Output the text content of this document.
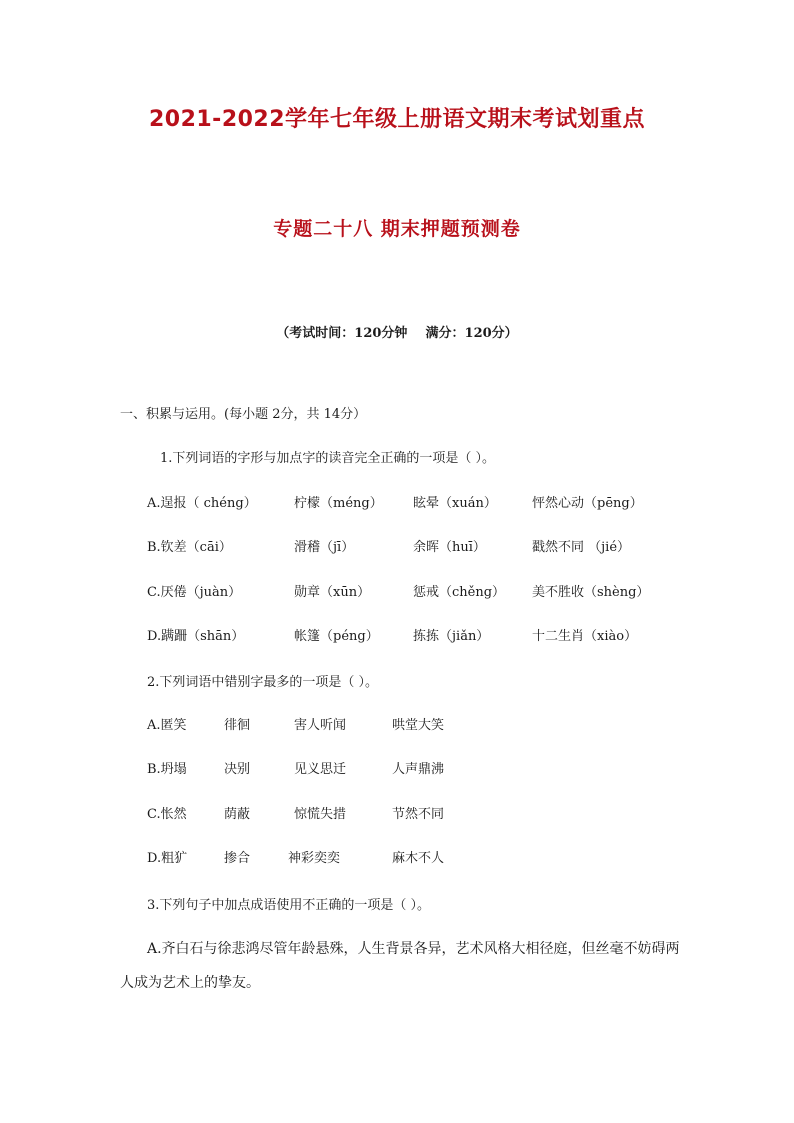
2021-2022学年七年级上册语文期末考试划重点
专题二十八 期末押题预测卷
（考试时间：120分钟    满分：120分）
一、积累与运用。(每小题 2分，共 14分）
1.下列词语的字形与加点字的读音完全正确的一项是（ ）。
A.逞报（ chéng）	柠檬（méng） 眩晕（xuán）	怦然心动（pēng）
B.钦差（cāi）	滑稽（jī）	余晖（huī）	戳然不同 （jié）
C.厌倦（juàn）	勋章（xūn）	惩戒（chěng） 美不胜收（shèng）
D.蹒跚（shān）	帐篷（péng）	拣拣（jiǎn）	十二生肖（xiào）
2.下列词语中错别字最多的一项是（ ）。
A.匿笑	徘徊	害人听闻	哄堂大笑
B.坍塌	决别	见义思迁	人声鼎沸
C.怅然	荫蔽	惊慌失措	节然不同
D.粗犷	掺合	神彩奕奕	麻木不人
3.下列句子中加点成语使用不正确的一项是（ ）。
A.齐白石与徐悲鸿尽管年龄悬殊，人生背景各异，艺术风格大相径庭，但丝毫不妨碍两
人成为艺术上的挚友。
